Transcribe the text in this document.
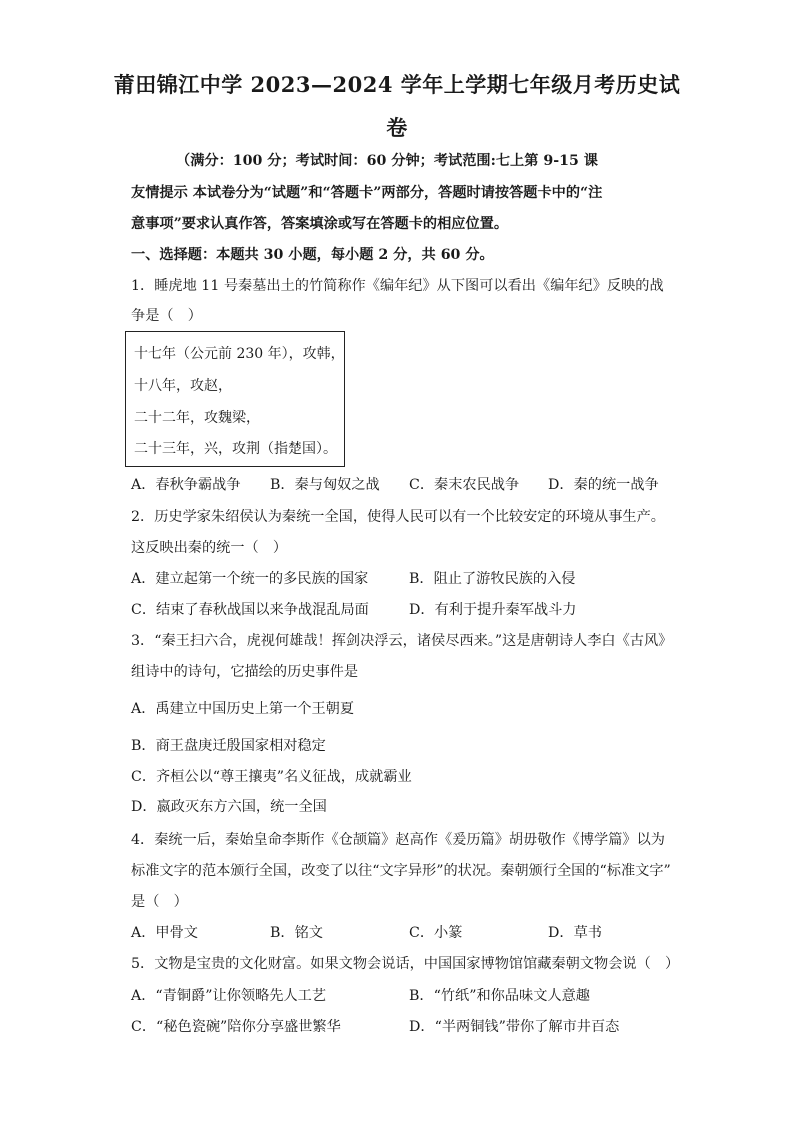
莆田锦江中学 2023—2024 学年上学期七年级月考历史试
卷
（满分：100 分；考试时间：60 分钟；考试范围:七上第 9-15 课
友情提示 本试卷分为“试题”和“答题卡”两部分，答题时请按答题卡中的“注
意事项”要求认真作答，答案填涂或写在答题卡的相应位置。
一、选择题：本题共 30 小题，每小题 2 分，共 60 分。
1．睡虎地 11 号秦墓出土的竹简称作《编年纪》从下图可以看出《编年纪》反映的战
争是（　）
十七年（公元前 230 年），攻韩，
十八年，攻赵，
二十二年，攻魏梁，
二十三年，兴，攻荆（指楚国）。
A．春秋争霸战争 B．秦与匈奴之战 C．秦末农民战争 D．秦的统一战争
2．历史学家朱绍侯认为秦统一全国，使得人民可以有一个比较安定的环境从事生产。
这反映出秦的统一（　）
A．建立起第一个统一的多民族的国家	B．阻止了游牧民族的入侵
C．结束了春秋战国以来争战混乱局面	D．有利于提升秦军战斗力
3．“秦王扫六合，虎视何雄哉！挥剑决浮云，诸侯尽西来。”这是唐朝诗人李白《古风》
组诗中的诗句，它描绘的历史事件是
A．禹建立中国历史上第一个王朝夏
B．商王盘庚迁殷国家相对稳定
C．齐桓公以“尊王攘夷”名义征战，成就霸业
D．嬴政灭东方六国，统一全国
4．秦统一后，秦始皇命李斯作《仓颉篇》赵高作《爰历篇》胡毋敬作《博学篇》以为
标准文字的范本颁行全国，改变了以往“文字异形”的状况。秦朝颁行全国的“标准文字”
是（　）
A．甲骨文	B．铭文	C．小篆	D．草书
5．文物是宝贵的文化财富。如果文物会说话，中国国家博物馆馆藏秦朝文物会说（　）
A．“青铜爵”让你领略先人工艺	B．“竹纸”和你品味文人意趣
C．“秘色瓷碗”陪你分享盛世繁华	D．“半两铜钱”带你了解市井百态
